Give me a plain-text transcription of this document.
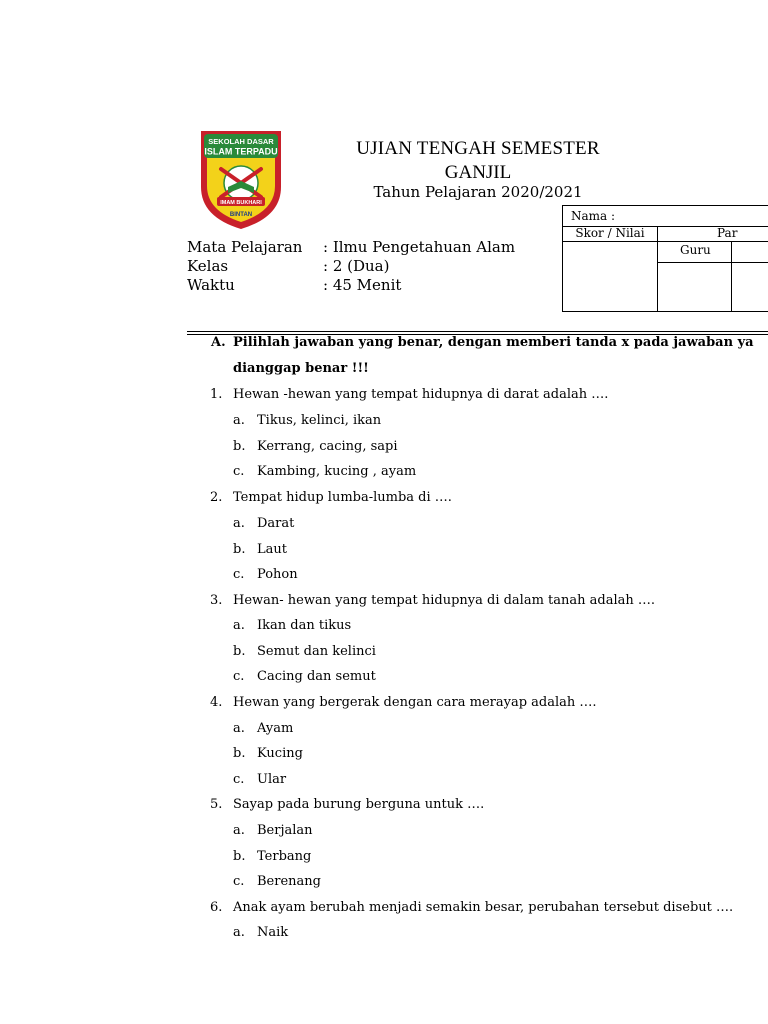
SEKOLAH DASAR
ISLAM TERPADU
IMAM BUKHARI
BINTAN
UJIAN TENGAH SEMESTER
GANJIL
Tahun Pelajaran 2020/2021
Mata Pelajaran	: Ilmu Pengetahuan Alam
Kelas	: 2 (Dua)
Waktu	: 45 Menit
Nama :
Skor / Nilai	Par
Guru
A. Pilihlah jawaban yang benar, dengan memberi tanda x pada jawaban ya
dianggap benar !!!
1. Hewan -hewan yang tempat hidupnya di darat adalah ….
a. Tikus, kelinci, ikan
b. Kerrang, cacing, sapi
c. Kambing, kucing , ayam
2. Tempat hidup lumba-lumba di ….
a. Darat
b. Laut
c. Pohon
3. Hewan- hewan yang tempat hidupnya di dalam tanah adalah ….
a. Ikan dan tikus
b. Semut dan kelinci
c. Cacing dan semut
4. Hewan yang bergerak dengan cara merayap adalah ….
a. Ayam
b. Kucing
c. Ular
5. Sayap pada burung berguna untuk ….
a. Berjalan
b. Terbang
c. Berenang
6. Anak ayam berubah menjadi semakin besar, perubahan tersebut disebut ….
a. Naik
